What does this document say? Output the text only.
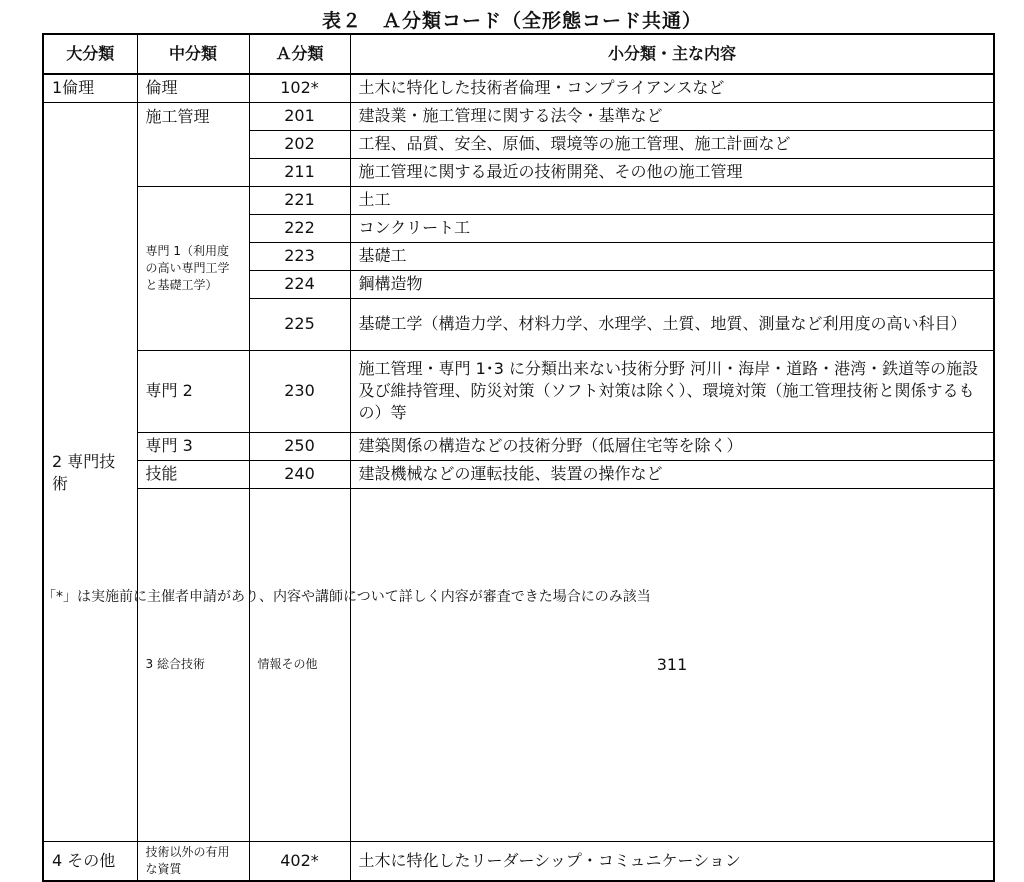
表２　Ａ分類コード（全形態コード共通）
大分類	中分類	Ａ分類	小分類・主な内容	
1倫理	倫理	102*	土木に特化した技術者倫理・コンプライアンスなど	
2 専門技術	施工管理	201	建設業・施工管理に関する法令・基準など	
		202	工程、品質、安全、原価、環境等の施工管理、施工計画など	
		211	施工管理に関する最近の技術開発、その他の施工管理	
	専門 1（利用度の高い専門工学と基礎工学）	221	土工	
		222	コンクリート工	
		223	基礎工	
		224	鋼構造物	
		225	基礎工学（構造力学、材料力学、水理学、土質、地質、測量など利用度の高い科目）	
	専門 2	230	施工管理・専門 1･3 に分類出来ない技術分野 河川・海岸・道路・港湾・鉄道等の施設及び維持管理、防災対策（ソフト対策は除く）、環境対策（施工管理技術と関係するもの）等	
	専門 3	250	建築関係の構造などの技術分野（低層住宅等を除く）	
	技能	240	建設機械などの運転技能、装置の操作など	
	3 総合技術	情報その他	311	
4 その他	技術以外の有用な資質	402*	土木に特化したリーダーシップ・コミュニケーション	
「*」は実施前に主催者申請があり、内容や講師について詳しく内容が審査できた場合にのみ該当
